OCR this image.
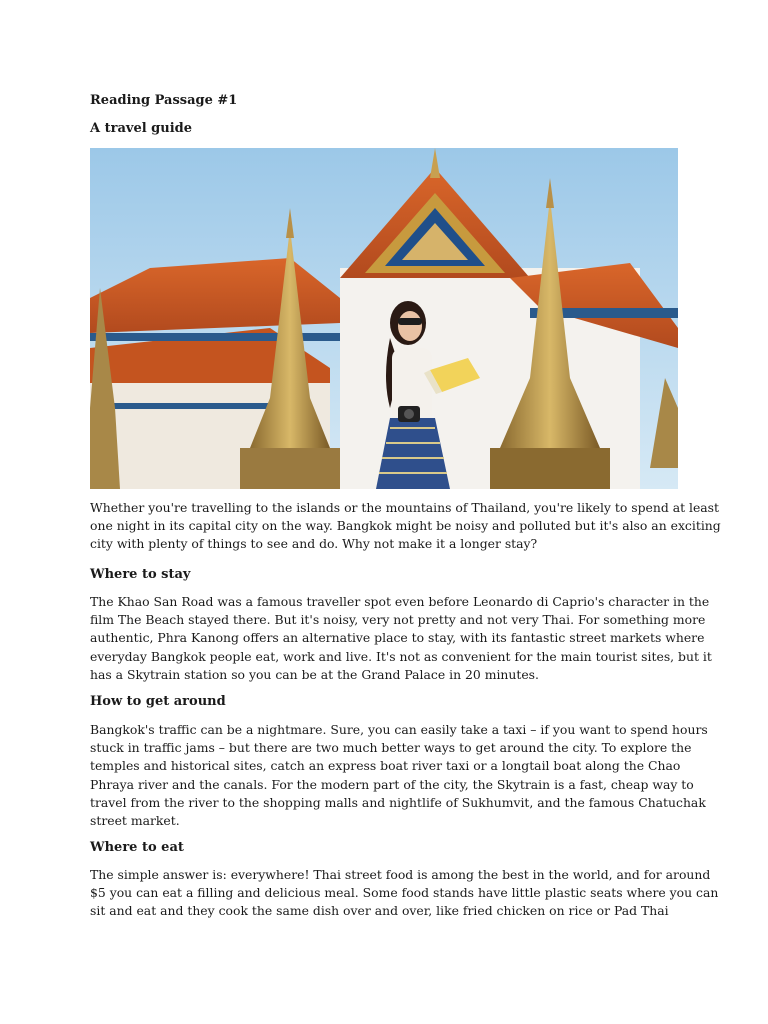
Reading Passage #1
A travel guide
Whether you're travelling to the islands or the mountains of Thailand, you're likely to spend at least
one night in its capital city on the way. Bangkok might be noisy and polluted but it's also an exciting
city with plenty of things to see and do. Why not make it a longer stay?
Where to stay
The Khao San Road was a famous traveller spot even before Leonardo di Caprio's character in the
film The Beach stayed there. But it's noisy, very not pretty and not very Thai. For something more
authentic, Phra Kanong offers an alternative place to stay, with its fantastic street markets where
everyday Bangkok people eat, work and live. It's not as convenient for the main tourist sites, but it
has a Skytrain station so you can be at the Grand Palace in 20 minutes.
How to get around
Bangkok's traffic can be a nightmare. Sure, you can easily take a taxi – if you want to spend hours
stuck in traffic jams – but there are two much better ways to get around the city. To explore the
temples and historical sites, catch an express boat river taxi or a longtail boat along the Chao
Phraya river and the canals. For the modern part of the city, the Skytrain is a fast, cheap way to
travel from the river to the shopping malls and nightlife of Sukhumvit, and the famous Chatuchak
street market.
Where to eat
The simple answer is: everywhere! Thai street food is among the best in the world, and for around
$5 you can eat a filling and delicious meal. Some food stands have little plastic seats where you can
sit and eat and they cook the same dish over and over, like fried chicken on rice or Pad Thai
